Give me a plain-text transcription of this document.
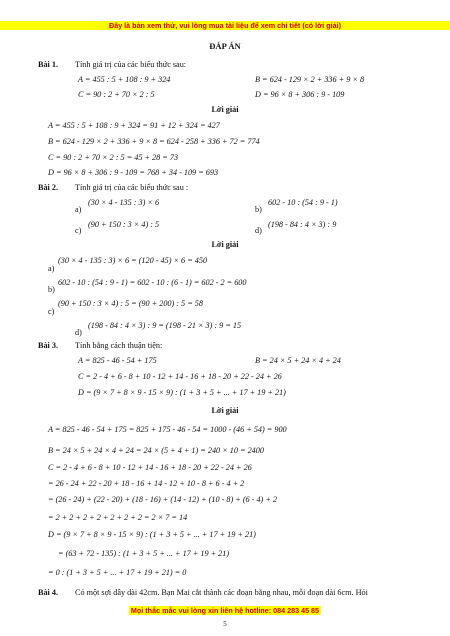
Đây là bản xem thử, vui lòng mua tài liệu để xem chi tiết (có lời giải)
ĐÁP ÁN
Bài 1. Tính giá trị của các biểu thức sau:
A = 455 : 5 + 108 : 9 + 324	B = 624 - 129 × 2 + 336 + 9 × 8
C = 90 : 2 + 70 × 2 : 5	D = 96 × 8 + 306 : 9 - 109
Lời giải
A = 455 : 5 + 108 : 9 + 324 = 91 + 12 + 324 = 427
B = 624 - 129 × 2 + 336 + 9 × 8 = 624 - 258 + 336 + 72 = 774
C = 90 : 2 + 70 × 2 : 5 = 45 + 28 = 73
D = 96 × 8 + 306 : 9 - 109 = 768 + 34 - 109 = 693
Bài 2. Tính giá trị của các biểu thức sau :
a)
(30 × 4 - 135 : 3) × 6
b)
602 - 10 : (54 : 9 - 1)
c)
(90 + 150 : 3 × 4) : 5
d)
(198 - 84 : 4 × 3) : 9
Lời giải
a)
(30 × 4 - 135 : 3) × 6 = (120 - 45) × 6 = 450
b)
602 - 10 : (54 : 9 - 1) = 602 - 10 : (6 - 1) = 602 - 2 = 600
c)
(90 + 150 : 3 × 4) : 5 = (90 + 200) : 5 = 58
d)
(198 - 84 : 4 × 3) : 9 = (198 - 21 × 3) : 9 = 15
Bài 3. Tính bằng cách thuận tiện:
A = 825 - 46 - 54 + 175	B = 24 × 5 + 24 × 4 + 24
C = 2 - 4 + 6 - 8 + 10 - 12 + 14 - 16 + 18 - 20 + 22 - 24 + 26
D = (9 × 7 + 8 × 9 - 15 × 9) : (1 + 3 + 5 + ... + 17 + 19 + 21)
Lời giải
A = 825 - 46 - 54 + 175 = 825 + 175 - 46 - 54 = 1000 - (46 + 54) = 900
B = 24 × 5 + 24 × 4 + 24 = 24 × (5 + 4 + 1) = 240 × 10 = 2400
C = 2 - 4 + 6 - 8 + 10 - 12 + 14 - 16 + 18 - 20 + 22 - 24 + 26
= 26 - 24 + 22 - 20 + 18 - 16 + 14 - 12 + 10 - 8 + 6 - 4 + 2
= (26 - 24) + (22 - 20) + (18 - 16) + (14 - 12) + (10 - 8) + (6 - 4) + 2
= 2 + 2 + 2 + 2 + 2 + 2 + 2 = 2 × 7 = 14
D = (9 × 7 + 8 × 9 - 15 × 9) : (1 + 3 + 5 + ... + 17 + 19 + 21)
= (63 + 72 - 135) : (1 + 3 + 5 + ... + 17 + 19 + 21)
= 0 : (1 + 3 + 5 + ... + 17 + 19 + 21) = 0
Bài 4. Có một sợi dây dài 42cm. Bạn Mai cắt thành các đoạn bằng nhau, mỗi đoạn dài 6cm. Hỏi
Mọi thắc mắc vui lòng xin liên hệ hotline: 084 283 45 85
5
